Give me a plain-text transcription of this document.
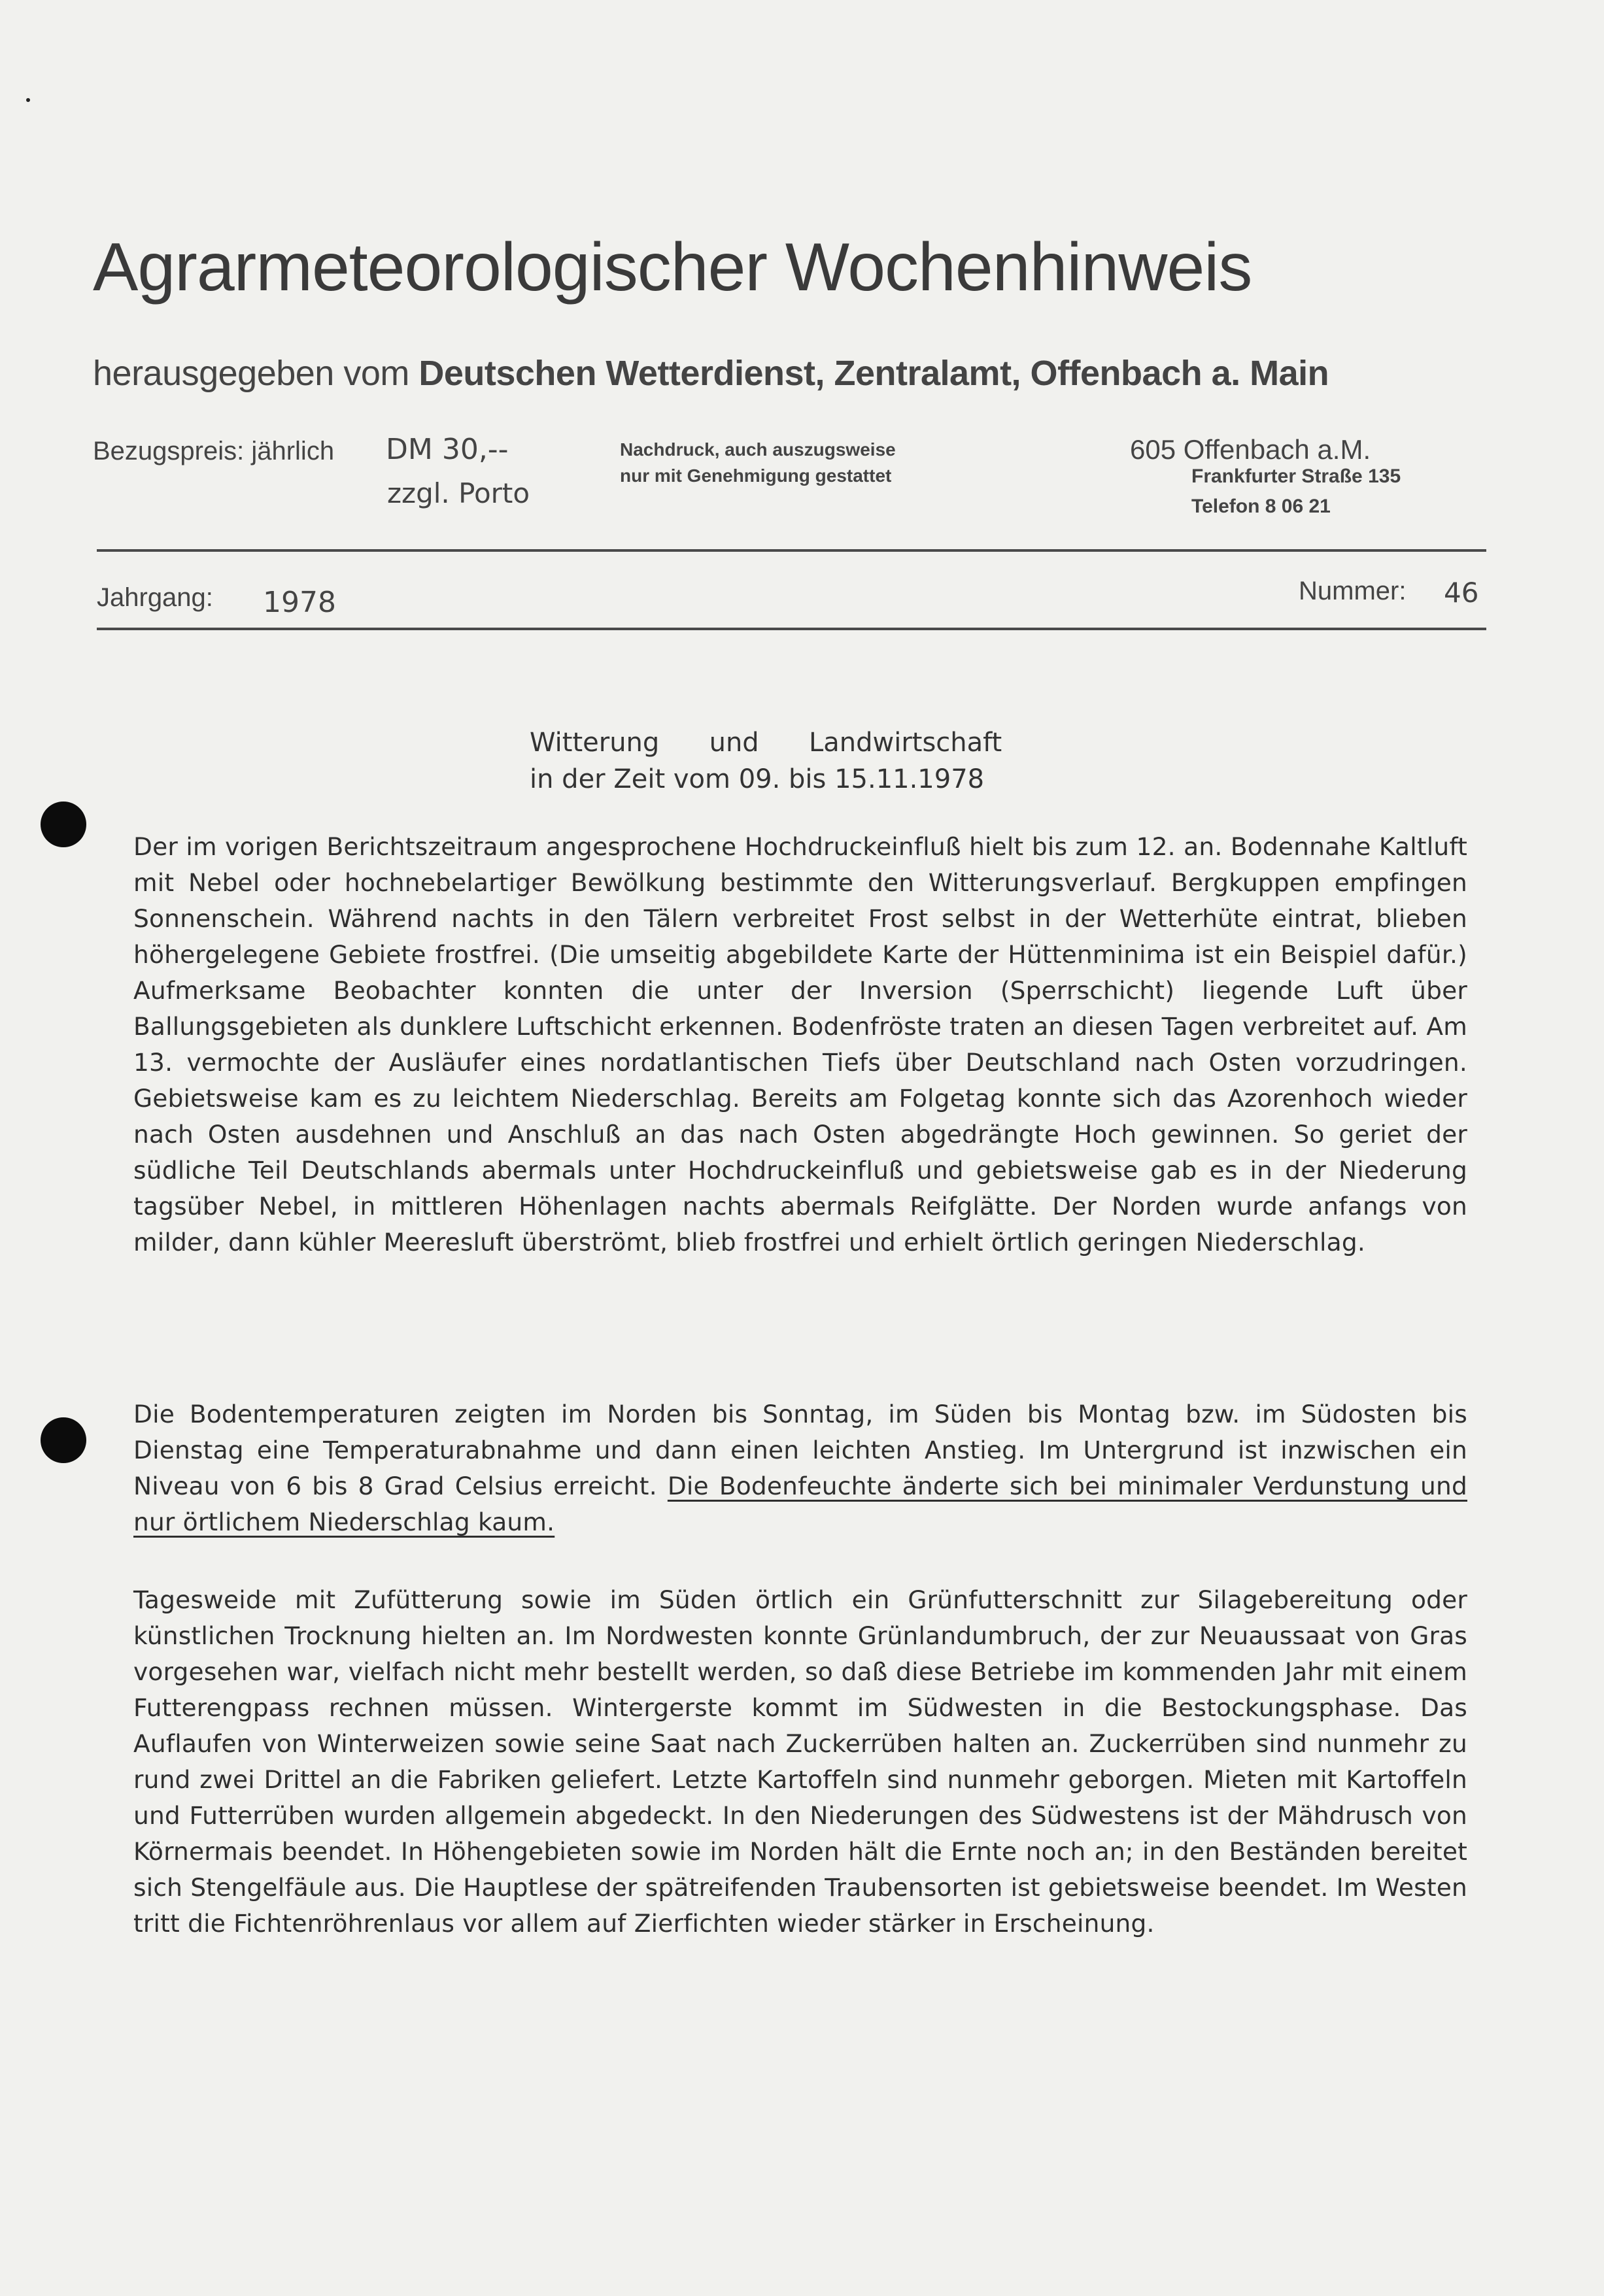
Agrarmeteorologischer Wochenhinweis
herausgegeben vom Deutschen Wetterdienst, Zentralamt, Offenbach a. Main
Bezugspreis: jährlich DM 30,--
zzgl. Porto
Nachdruck, auch auszugsweise
nur mit Genehmigung gestattet
605 Offenbach a.M.
Frankfurter Straße 135
Telefon 8 06 21
Jahrgang: 1978	Nummer: 46
Witterung      und      Landwirtschaft
in der Zeit vom 09. bis 15.11.1978
Der im vorigen Berichtszeitraum angesprochene Hochdruckeinfluß hielt bis zum 12. an. Bodennahe Kaltluft mit Nebel oder hochnebelartiger Bewölkung bestimmte den Witterungsverlauf. Bergkuppen empfingen Sonnenschein. Während nachts in den Tälern verbreitet Frost selbst in der Wetterhüte eintrat, blieben höhergelegene Gebiete frostfrei. (Die umseitig abgebildete Karte der Hüttenminima ist ein Beispiel dafür.) Aufmerksame Beobachter konnten die unter der Inversion (Sperrschicht) liegende Luft über Ballungsgebieten als dunklere Luftschicht erkennen. Bodenfröste traten an diesen Tagen verbreitet auf. Am 13. vermochte der Ausläufer eines nordatlantischen Tiefs über Deutschland nach Osten vorzudringen. Gebietsweise kam es zu leichtem Niederschlag. Bereits am Folgetag konnte sich das Azorenhoch wieder nach Osten ausdehnen und Anschluß an das nach Osten abgedrängte Hoch gewinnen. So geriet der südliche Teil Deutschlands abermals unter Hochdruckeinfluß und gebietsweise gab es in der Niederung tagsüber Nebel, in mittleren Höhenlagen nachts abermals Reifglätte. Der Norden wurde anfangs von milder, dann kühler Meeresluft überströmt, blieb frostfrei und erhielt örtlich geringen Niederschlag.
Die Bodentemperaturen zeigten im Norden bis Sonntag, im Süden bis Montag bzw. im Südosten bis Dienstag eine Temperaturabnahme und dann einen leichten Anstieg. Im Untergrund ist inzwischen ein Niveau von 6 bis 8 Grad Celsius erreicht. Die Bodenfeuchte änderte sich bei minimaler Verdunstung und nur örtlichem Niederschlag kaum.
Tagesweide mit Zufütterung sowie im Süden örtlich ein Grünfutterschnitt zur Silagebereitung oder künstlichen Trocknung hielten an. Im Nordwesten konnte Grünlandumbruch, der zur Neuaussaat von Gras vorgesehen war, vielfach nicht mehr bestellt werden, so daß diese Betriebe im kommenden Jahr mit einem Futterengpass rechnen müssen. Wintergerste kommt im Südwesten in die Bestockungsphase. Das Auflaufen von Winterweizen sowie seine Saat nach Zuckerrüben halten an. Zuckerrüben sind nunmehr zu rund zwei Drittel an die Fabriken geliefert. Letzte Kartoffeln sind nunmehr geborgen. Mieten mit Kartoffeln und Futterrüben wurden allgemein abgedeckt. In den Niederungen des Südwestens ist der Mähdrusch von Körnermais beendet. In Höhengebieten sowie im Norden hält die Ernte noch an; in den Beständen bereitet sich Stengelfäule aus. Die Hauptlese der spätreifenden Traubensorten ist gebietsweise beendet. Im Westen tritt die Fichtenröhrenlaus vor allem auf Zierfichten wieder stärker in Erscheinung.
